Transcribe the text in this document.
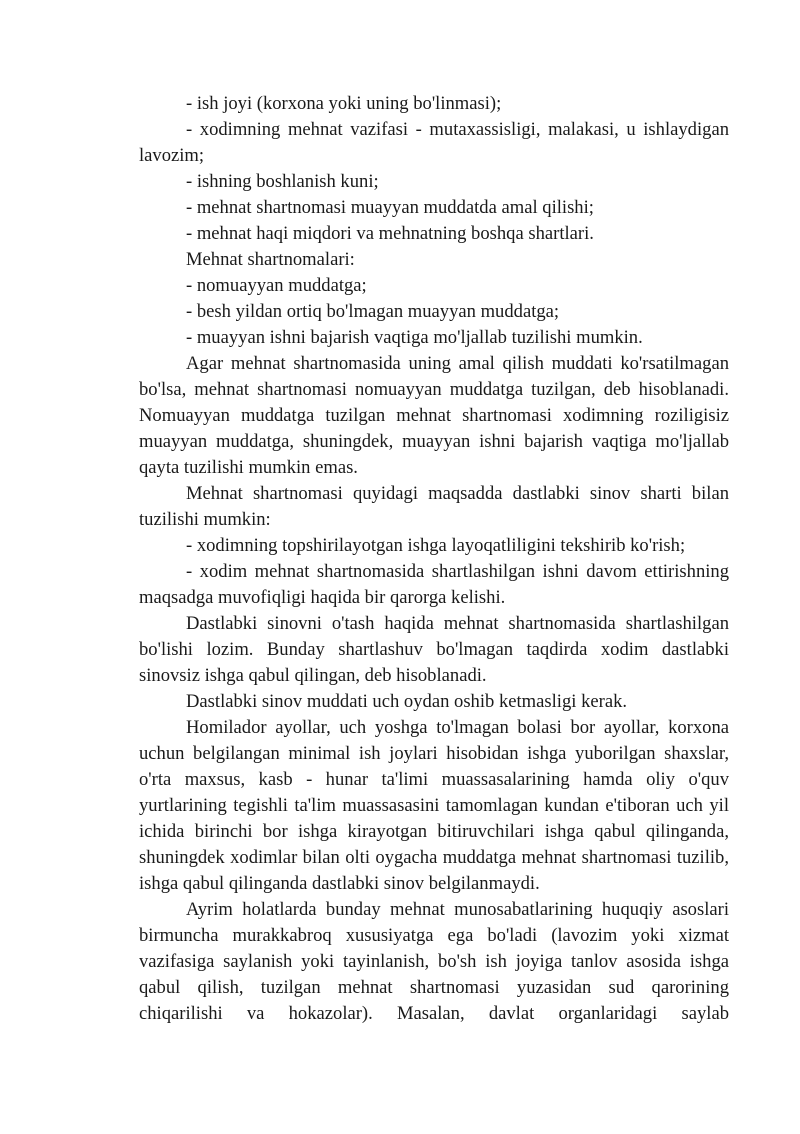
- ish joyi (korxona yoki uning bo'linmasi);

- xodimning mehnat vazifasi - mutaxassisligi, malakasi, u ishlaydigan lavozim;

- ishning boshlanish kuni;

- mehnat shartnomasi muayyan muddatda amal qilishi;

- mehnat haqi miqdori va mehnatning boshqa shartlari.

Mehnat shartnomalari:

- nomuayyan muddatga;

- besh yildan ortiq bo'lmagan muayyan muddatga;

- muayyan ishni bajarish vaqtiga mo'ljallab tuzilishi mumkin.

Agar mehnat shartnomasida uning amal qilish muddati ko'rsatilmagan bo'lsa, mehnat shartnomasi nomuayyan muddatga tuzilgan, deb hisoblanadi. Nomuayyan muddatga tuzilgan mehnat shartnomasi xodimning roziligisiz muayyan muddatga, shuningdek, muayyan ishni bajarish vaqtiga mo'ljallab qayta tuzilishi mumkin emas.

Mehnat shartnomasi quyidagi maqsadda dastlabki sinov sharti bilan tuzilishi mumkin:

- xodimning topshirilayotgan ishga layoqatliligini tekshirib ko'rish;

- xodim mehnat shartnomasida shartlashilgan ishni davom ettirishning maqsadga muvofiqligi haqida bir qarorga kelishi.

Dastlabki sinovni o'tash haqida mehnat shartnomasida shartlashilgan bo'lishi lozim. Bunday shartlashuv bo'lmagan taqdirda xodim dastlabki sinovsiz ishga qabul qilingan, deb hisoblanadi.

Dastlabki sinov muddati uch oydan oshib ketmasligi kerak.

Homilador ayollar, uch yoshga to'lmagan bolasi bor ayollar, korxona uchun belgilangan minimal ish joylari hisobidan ishga yuborilgan shaxslar, o'rta maxsus, kasb - hunar ta'limi muassasalarining hamda oliy o'quv yurtlarining tegishli ta'lim muassasasini tamomlagan kundan e'tiboran uch yil ichida birinchi bor ishga kirayotgan bitiruvchilari ishga qabul qilinganda, shuningdek xodimlar bilan olti oygacha muddatga mehnat shartnomasi tuzilib, ishga qabul qilinganda dastlabki sinov belgilanmaydi.

Ayrim holatlarda bunday mehnat munosabatlarining huquqiy asoslari birmuncha murakkabroq xususiyatga ega bo'ladi (lavozim yoki xizmat vazifasiga saylanish yoki tayinlanish, bo'sh ish joyiga tanlov asosida ishga qabul qilish, tuzilgan mehnat shartnomasi yuzasidan sud qarorining chiqarilishi va hokazolar). Masalan, davlat organlaridagi saylab
